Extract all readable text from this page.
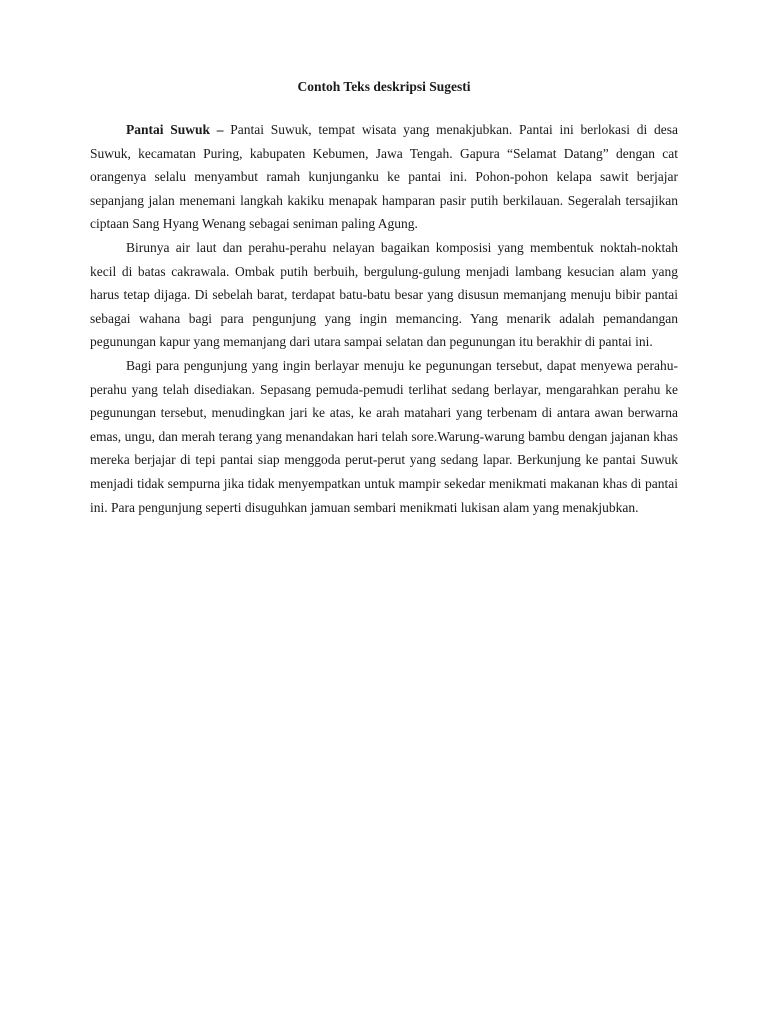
Contoh Teks deskripsi Sugesti

Pantai Suwuk – Pantai Suwuk, tempat wisata yang menakjubkan. Pantai ini berlokasi di desa Suwuk, kecamatan Puring, kabupaten Kebumen, Jawa Tengah. Gapura “Selamat Datang” dengan cat orangenya selalu menyambut ramah kunjunganku ke pantai ini. Pohon-pohon kelapa sawit berjajar sepanjang jalan menemani langkah kakiku menapak hamparan pasir putih berkilauan. Segeralah tersajikan ciptaan Sang Hyang Wenang sebagai seniman paling Agung.

Birunya air laut dan perahu-perahu nelayan bagaikan komposisi yang membentuk noktah-noktah kecil di batas cakrawala. Ombak putih berbuih, bergulung-gulung menjadi lambang kesucian alam yang harus tetap dijaga. Di sebelah barat, terdapat batu-batu besar yang disusun memanjang menuju bibir pantai sebagai wahana bagi para pengunjung yang ingin memancing. Yang menarik adalah pemandangan pegunungan kapur yang memanjang dari utara sampai selatan dan pegunungan itu berakhir di pantai ini.

Bagi para pengunjung yang ingin berlayar menuju ke pegunungan tersebut, dapat menyewa perahu-perahu yang telah disediakan. Sepasang pemuda-pemudi terlihat sedang berlayar, mengarahkan perahu ke pegunungan tersebut, menudingkan jari ke atas, ke arah matahari yang terbenam di antara awan berwarna emas, ungu, dan merah terang yang menandakan hari telah sore.Warung-warung bambu dengan jajanan khas mereka berjajar di tepi pantai siap menggoda perut-perut yang sedang lapar. Berkunjung ke pantai Suwuk menjadi tidak sempurna jika tidak menyempatkan untuk mampir sekedar menikmati makanan khas di pantai ini. Para pengunjung seperti disuguhkan jamuan sembari menikmati lukisan alam yang menakjubkan.
